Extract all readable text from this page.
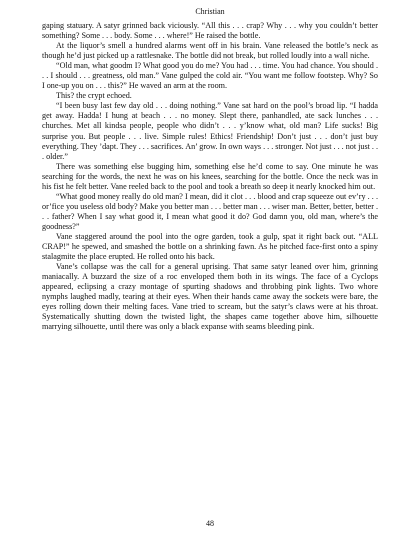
Christian

gaping statuary. A satyr grinned back viciously. “All this . . . crap? Why . . . why you couldn’t better something? Some . . . body. Some . . . where!” He raised the bottle.

At the liquor’s smell a hundred alarms went off in his brain. Vane released the bottle’s neck as though he’d just picked up a rattlesnake. The bottle did not break, but rolled loudly into a wall niche.

“Old man, what goodm I? What good you do me? You had . . . time. You had chance. You should . . . I should . . . greatness, old man.” Vane gulped the cold air. “You want me follow footstep. Why? So I one-up you on . . . this?” He waved an arm at the room.

This? the crypt echoed.

“I been busy last few day old . . . doing nothing.” Vane sat hard on the pool’s broad lip. “I hadda get away. Hadda! I hung at beach . . . no money. Slept there, panhandled, ate sack lunches . . . churches. Met all kindsa people, people who didn’t . . . y’know what, old man? Life sucks! Big surprise you. But people . . . live. Simple rules! Ethics! Friendship! Don’t just . . . don’t just buy everything. They ’dapt. They . . . sacrifices. An’ grow. In own ways . . . stronger. Not just . . . not just . . . older.”

There was something else bugging him, something else he’d come to say. One minute he was searching for the words, the next he was on his knees, searching for the bottle. Once the neck was in his fist he felt better. Vane reeled back to the pool and took a breath so deep it nearly knocked him out.

“What good money really do old man? I mean, did it clot . . . blood and crap squeeze out ev’ry . . . or’fice you useless old body? Make you better man . . . better man . . . wiser man. Better, better, better . . . father? When I say what good it, I mean what good it do? God damn you, old man, where’s the goodness?”

Vane staggered around the pool into the ogre garden, took a gulp, spat it right back out. “ALL CRAP!” he spewed, and smashed the bottle on a shrinking fawn. As he pitched face-first onto a spiny stalagmite the place erupted. He rolled onto his back.

Vane’s collapse was the call for a general uprising. That same satyr leaned over him, grinning maniacally. A buzzard the size of a roc enveloped them both in its wings. The face of a Cyclops appeared, eclipsing a crazy montage of spurting shadows and throbbing pink lights. Two whore nymphs laughed madly, tearing at their eyes. When their hands came away the sockets were bare, the eyes rolling down their melting faces. Vane tried to scream, but the satyr’s claws were at his throat. Systematically shutting down the twisted light, the shapes came together above him, silhouette marrying silhouette, until there was only a black expanse with seams bleeding pink.

48
